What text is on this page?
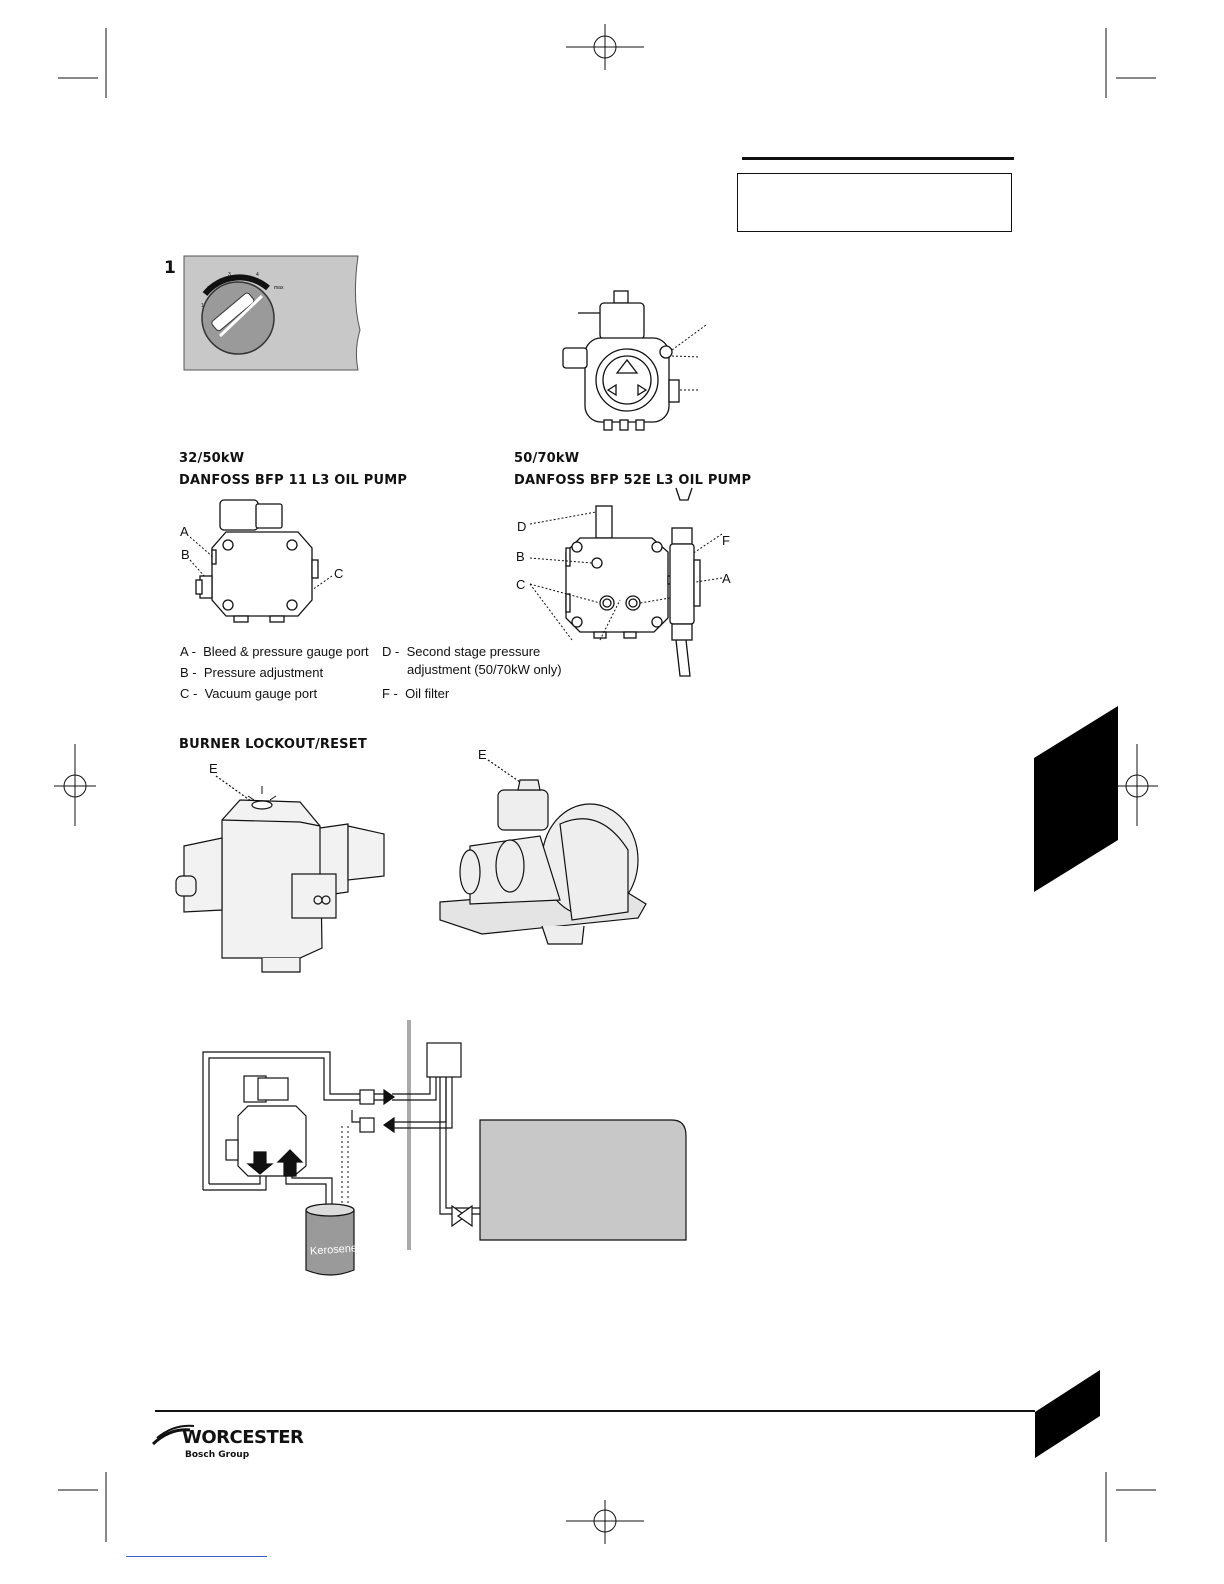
1
1
2
3	4
max
32/50kW
DANFOSS BFP 11 L3 OIL PUMP
50/70kW
DANFOSS BFP 52E L3 OIL PUMP
A
B
C
D
B
C
F
A
A - Bleed & pressure gauge port
B - Pressure adjustment
C - Vacuum gauge port
D - Second stage pressure
adjustment (50/70kW only)
F - Oil filter
BURNER LOCKOUT/RESET
E
E
Kerosene
WORCESTER
Bosch Group
